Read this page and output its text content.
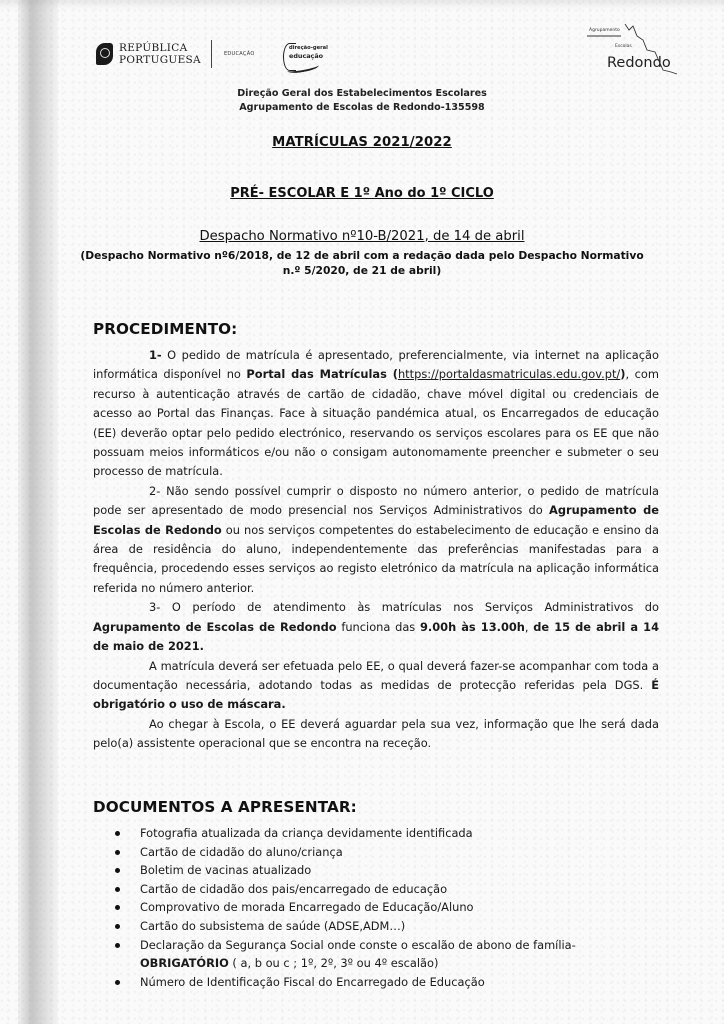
REPÚBLICA
PORTUGUESA	EDUCAÇÃO
direção-geral
educação
Agrupamento
Escolas
Redondo
Direção Geral dos Estabelecimentos Escolares
Agrupamento de Escolas de Redondo-135598
MATRÍCULAS 2021/2022
PRÉ- ESCOLAR E 1º Ano do 1º CICLO
Despacho Normativo nº10-B/2021, de 14 de abril
(Despacho Normativo nº6/2018, de 12 de abril com a redação dada pelo Despacho Normativo
n.º 5/2020, de 21 de abril)
PROCEDIMENTO:

1- O pedido de matrícula é apresentado, preferencialmente, via internet na aplicação informática disponível no Portal das Matrículas (https://portaldasmatriculas.edu.gov.pt/), com recurso à autenticação através de cartão de cidadão, chave móvel digital ou credenciais de acesso ao Portal das Finanças. Face à situação pandémica atual, os Encarregados de educação (EE) deverão optar pelo pedido electrónico, reservando os serviços escolares para os EE que não possuam meios informáticos e/ou não o consigam autonomamente preencher e submeter o seu processo de matrícula.

2- Não sendo possível cumprir o disposto no número anterior, o pedido de matrícula pode ser apresentado de modo presencial nos Serviços Administrativos do Agrupamento de Escolas de Redondo ou nos serviços competentes do estabelecimento de educação e ensino da área de residência do aluno, independentemente das preferências manifestadas para a frequência, procedendo esses serviços ao registo eletrónico da matrícula na aplicação informática referida no número anterior.

3- O período de atendimento às matrículas nos Serviços Administrativos do Agrupamento de Escolas de Redondo funciona das 9.00h às 13.00h, de 15 de abril a 14 de maio de 2021.

A matrícula deverá ser efetuada pelo EE, o qual deverá fazer-se acompanhar com toda a documentação necessária, adotando todas as medidas de protecção referidas pela DGS. É obrigatório o uso de máscara.

Ao chegar à Escola, o EE deverá aguardar pela sua vez, informação que lhe será dada pelo(a) assistente operacional que se encontra na receção.

DOCUMENTOS A APRESENTAR:
Fotografia atualizada da criança devidamente identificada
Cartão de cidadão do aluno/criança
Boletim de vacinas atualizado
Cartão de cidadão dos pais/encarregado de educação
Comprovativo de morada Encarregado de Educação/Aluno
Cartão do subsistema de saúde (ADSE,ADM…)
Declaração da Segurança Social onde conste o escalão de abono de família-
OBRIGATÓRIO ( a, b ou c ; 1º, 2º, 3º ou 4º escalão)
Número de Identificação Fiscal do Encarregado de Educação
